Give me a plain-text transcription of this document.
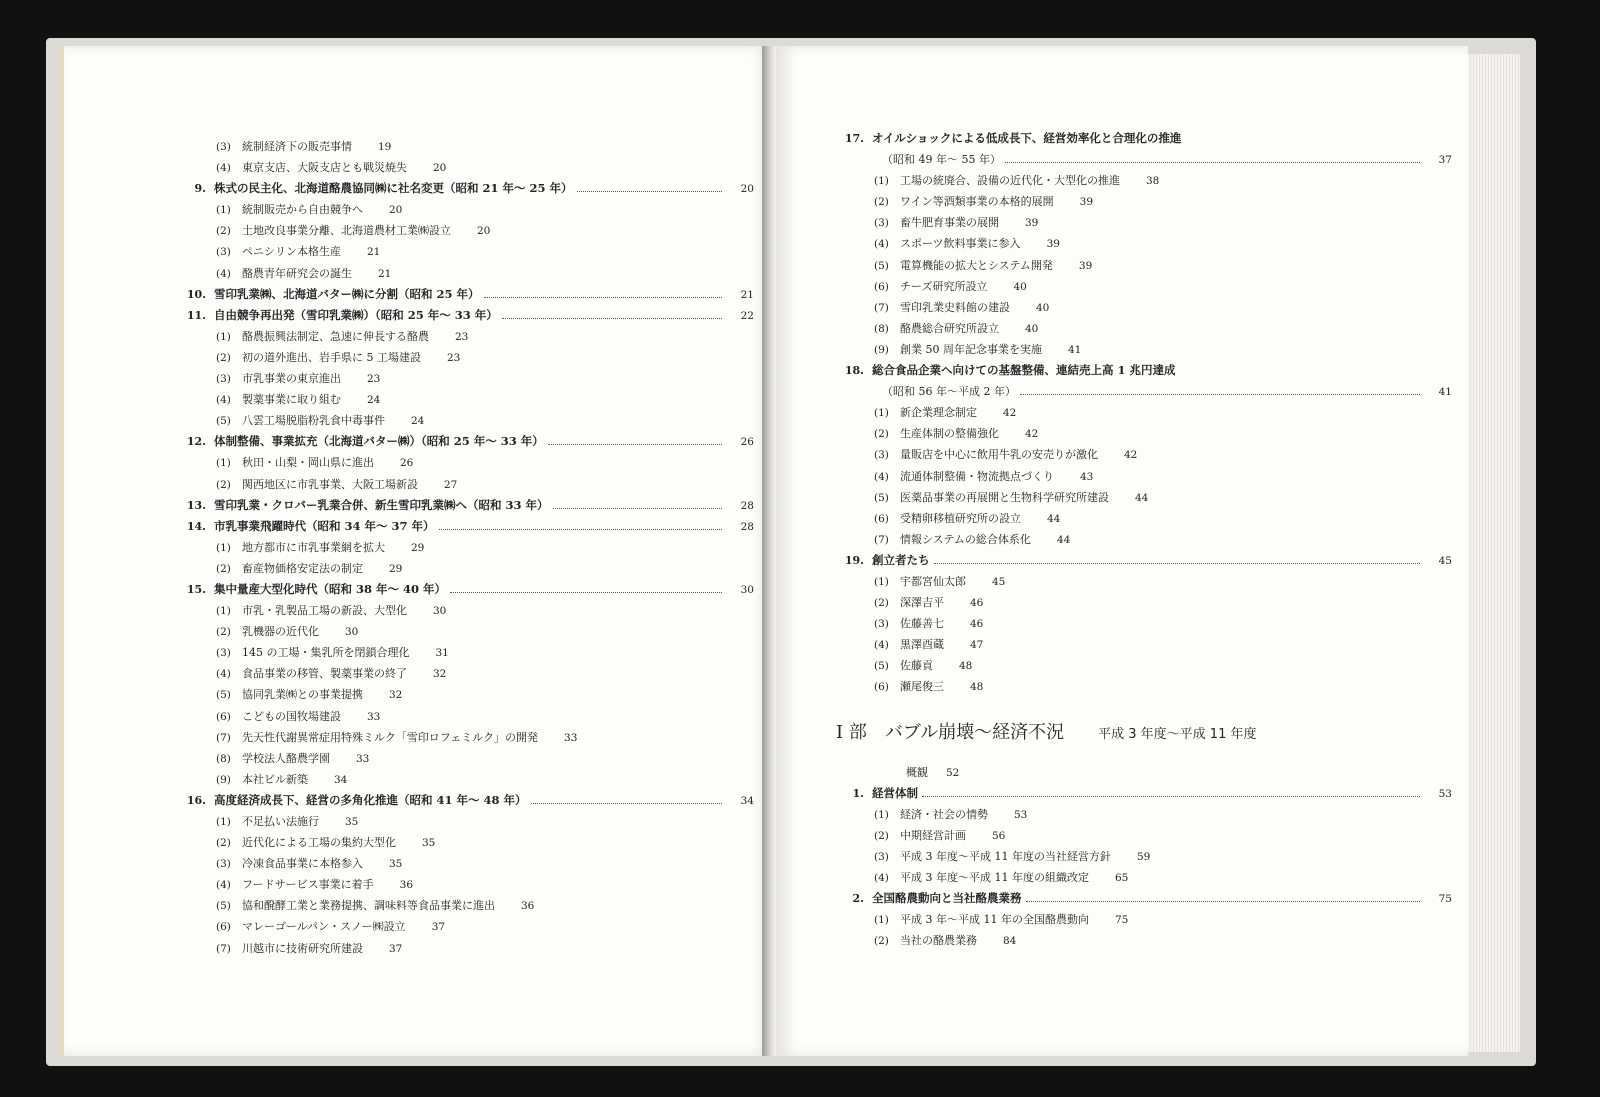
(3) 統制経済下の販売事情 19
(4) 東京支店、大阪支店とも戦災焼失 20
9. 株式の民主化、北海道酪農協同㈱に社名変更（昭和 21 年〜 25 年）	20
(1) 統制販売から自由競争へ 20
(2) 土地改良事業分離、北海道農材工業㈱設立 20
(3) ペニシリン本格生産 21
(4) 酪農青年研究会の誕生 21
10. 雪印乳業㈱、北海道バター㈱に分割（昭和 25 年）	21
11. 自由競争再出発（雪印乳業㈱）（昭和 25 年〜 33 年）	22
(1) 酪農振興法制定、急速に伸長する酪農 23
(2) 初の道外進出、岩手県に 5 工場建設 23
(3) 市乳事業の東京進出 23
(4) 製薬事業に取り組む 24
(5) 八雲工場脱脂粉乳食中毒事件 24
12. 体制整備、事業拡充（北海道バター㈱）（昭和 25 年〜 33 年）	26
(1) 秋田・山梨・岡山県に進出 26
(2) 関西地区に市乳事業、大阪工場新設 27
13. 雪印乳業・クロバー乳業合併、新生雪印乳業㈱へ（昭和 33 年）	28
14. 市乳事業飛躍時代（昭和 34 年〜 37 年）	28
(1) 地方都市に市乳事業網を拡大 29
(2) 畜産物価格安定法の制定 29
15. 集中量産大型化時代（昭和 38 年〜 40 年）	30
(1) 市乳・乳製品工場の新設、大型化 30
(2) 乳機器の近代化 30
(3) 145 の工場・集乳所を閉鎖合理化 31
(4) 食品事業の移管、製薬事業の終了 32
(5) 協同乳業㈱との事業提携 32
(6) こどもの国牧場建設 33
(7) 先天性代謝異常症用特殊ミルク「雪印ロフェミルク」の開発 33
(8) 学校法人酪農学園 33
(9) 本社ビル新築 34
16. 高度経済成長下、経営の多角化推進（昭和 41 年〜 48 年）	34
(1) 不足払い法施行 35
(2) 近代化による工場の集約大型化 35
(3) 冷凍食品事業に本格参入 35
(4) フードサービス事業に着手 36
(5) 協和醗酵工業と業務提携、調味料等食品事業に進出 36
(6) マレーゴールパン・スノー㈱設立 37
(7) 川越市に技術研究所建設 37
17. オイルショックによる低成長下、経営効率化と合理化の推進
（昭和 49 年〜 55 年）	37
(1) 工場の統廃合、設備の近代化・大型化の推進 38
(2) ワイン等酒類事業の本格的展開 39
(3) 畜牛肥育事業の展開 39
(4) スポーツ飲料事業に参入 39
(5) 電算機能の拡大とシステム開発 39
(6) チーズ研究所設立 40
(7) 雪印乳業史料館の建設 40
(8) 酪農総合研究所設立 40
(9) 創業 50 周年記念事業を実施 41
18. 総合食品企業へ向けての基盤整備、連結売上高 1 兆円達成
（昭和 56 年〜平成 2 年）	41
(1) 新企業理念制定 42
(2) 生産体制の整備強化 42
(3) 量販店を中心に飲用牛乳の安売りが激化 42
(4) 流通体制整備・物流拠点づくり 43
(5) 医薬品事業の再展開と生物科学研究所建設 44
(6) 受精卵移植研究所の設立 44
(7) 情報システムの総合体系化 44
19. 創立者たち	45
(1) 宇都宮仙太郎 45
(2) 深澤吉平 46
(3) 佐藤善七 46
(4) 黒澤酉蔵 47
(5) 佐藤貢 48
(6) 瀬尾俊三 48
I 部 バブル崩壊〜経済不況	平成 3 年度〜平成 11 年度
概観 52
1. 経営体制	53
(1) 経済・社会の情勢 53
(2) 中期経営計画 56
(3) 平成 3 年度〜平成 11 年度の当社経営方針 59
(4) 平成 3 年度〜平成 11 年度の組織改定 65
2. 全国酪農動向と当社酪農業務	75
(1) 平成 3 年〜平成 11 年の全国酪農動向 75
(2) 当社の酪農業務 84
